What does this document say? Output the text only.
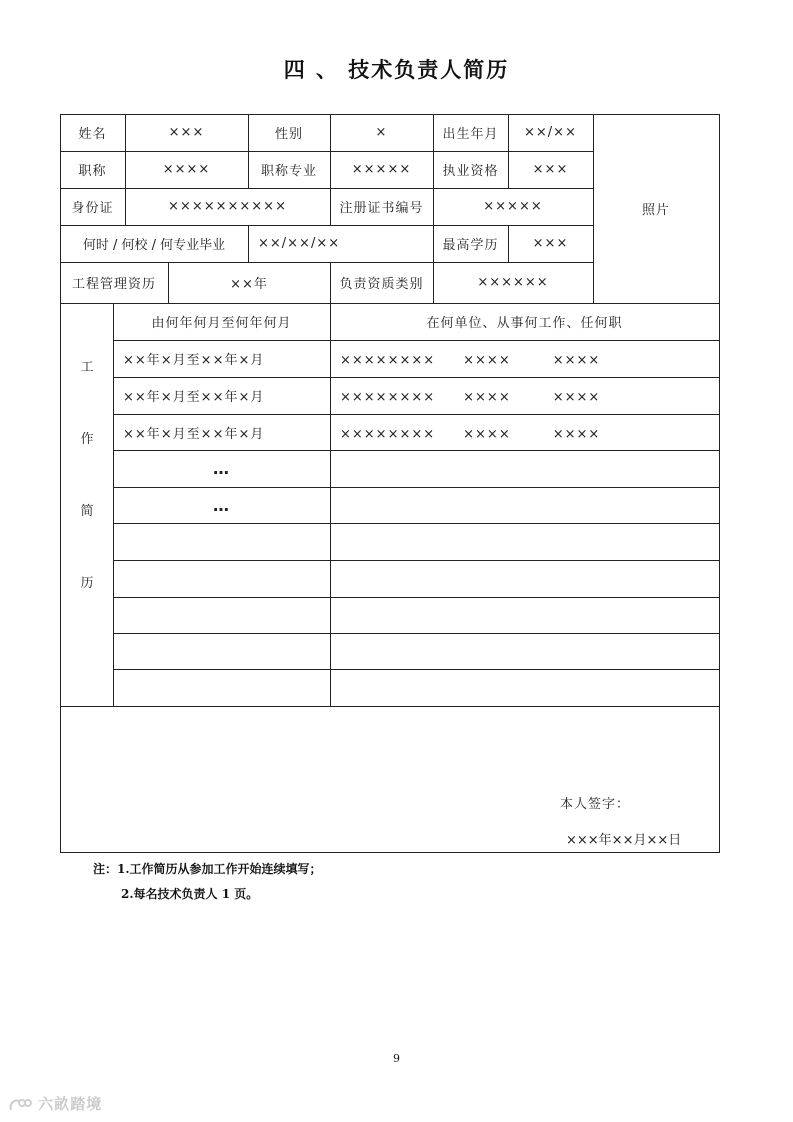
四 、 技术负责人简历
姓名	×××	性别	×	出生年月	××/××
职称	××××	职称专业	×××××	执业资格	×××
照片
身份证	××××××××××	注册证书编号	×××××
何时 / 何校 / 何专业毕业	××/××/××	最高学历	×××
工程管理资历	××年	负责资质类别	××××××
工
作
简
历
由何年何月至何年何月	在何单位、从事何工作、任何职
××年×月至××年×月	××××××××　　××××　　　××××
××年×月至××年×月	××××××××　　××××　　　××××
××年×月至××年×月	××××××××　　××××　　　××××
…
…
本人签字：
×××年××月××日
注：1.工作简历从参加工作开始连续填写；
2.每名技术负责人 1 页。
9
六畝踏境
